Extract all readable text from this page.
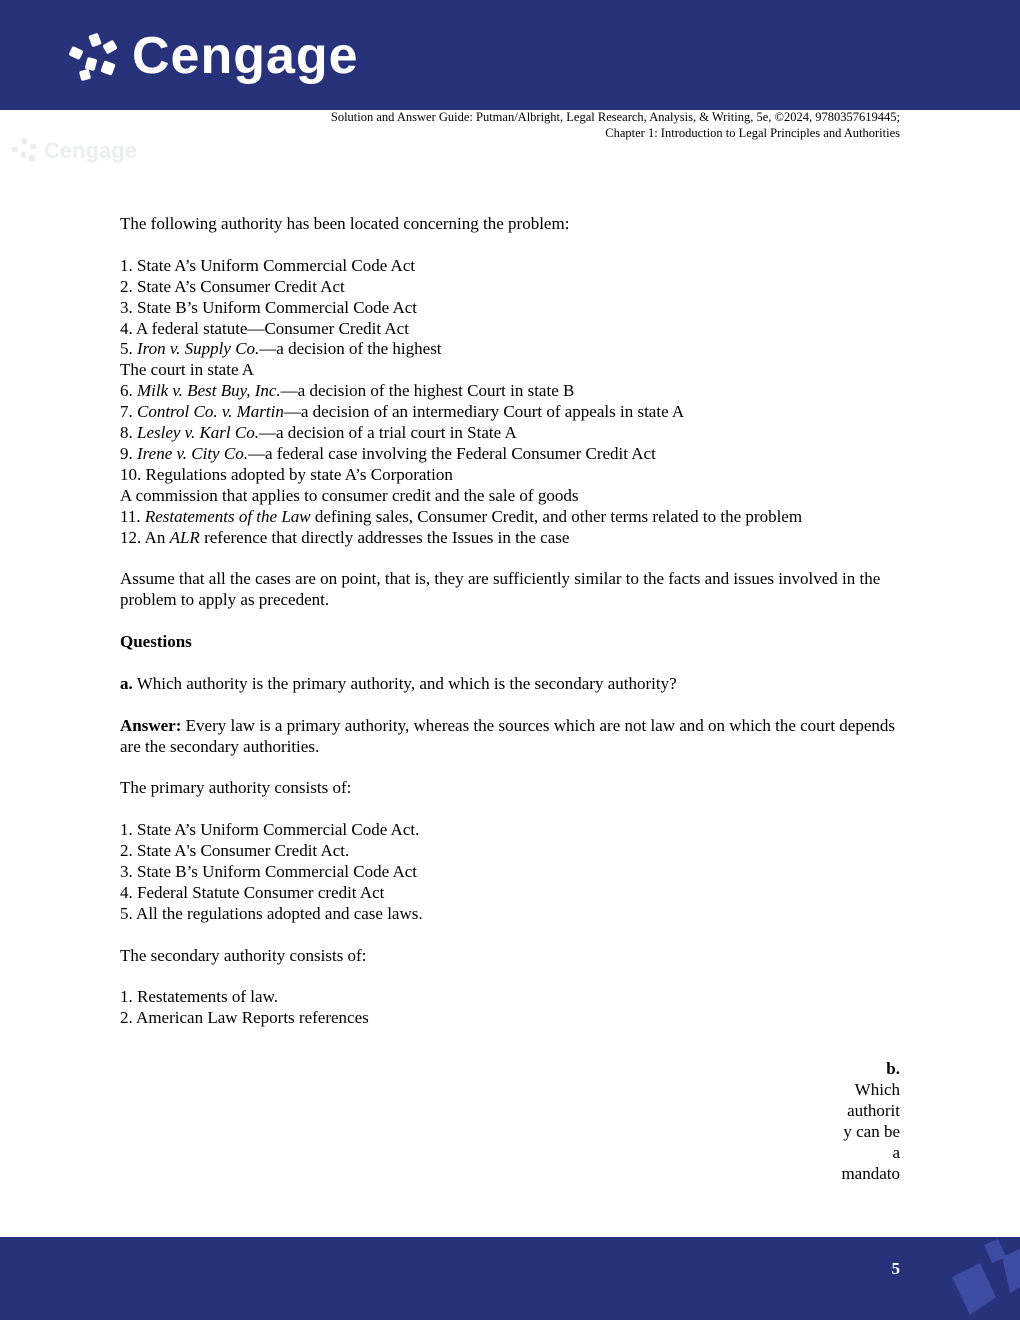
Cengage
Solution and Answer Guide: Putman/Albright, Legal Research, Analysis, & Writing, 5e, ©2024, 9780357619445;
Chapter 1: Introduction to Legal Principles and Authorities
Cengage

The following authority has been located concerning the problem:

1. State A’s Uniform Commercial Code Act

2. State A’s Consumer Credit Act

3. State B’s Uniform Commercial Code Act

4. A federal statute—Consumer Credit Act

5. Iron v. Supply Co.—a decision of the highest

The court in state A

6. Milk v. Best Buy, Inc.—a decision of the highest Court in state B

7. Control Co. v. Martin—a decision of an intermediary Court of appeals in state A

8. Lesley v. Karl Co.—a decision of a trial court in State A

9. Irene v. City Co.—a federal case involving the Federal Consumer Credit Act

10. Regulations adopted by state A’s Corporation

A commission that applies to consumer credit and the sale of goods

11. Restatements of the Law defining sales, Consumer Credit, and other terms related to the problem

12. An ALR reference that directly addresses the Issues in the case

Assume that all the cases are on point, that is, they are sufficiently similar to the facts and issues involved in the problem to apply as precedent.

Questions

a. Which authority is the primary authority, and which is the secondary authority?

Answer: Every law is a primary authority, whereas the sources which are not law and on which the court depends are the secondary authorities.

The primary authority consists of:

1. State A’s Uniform Commercial Code Act.

2. State A's Consumer Credit Act.

3. State B’s Uniform Commercial Code Act

4. Federal Statute Consumer credit Act

5. All the regulations adopted and case laws.

The secondary authority consists of:

1. Restatements of law.

2. American Law Reports references

b.
Which
authorit
y can be
a
mandato
5
